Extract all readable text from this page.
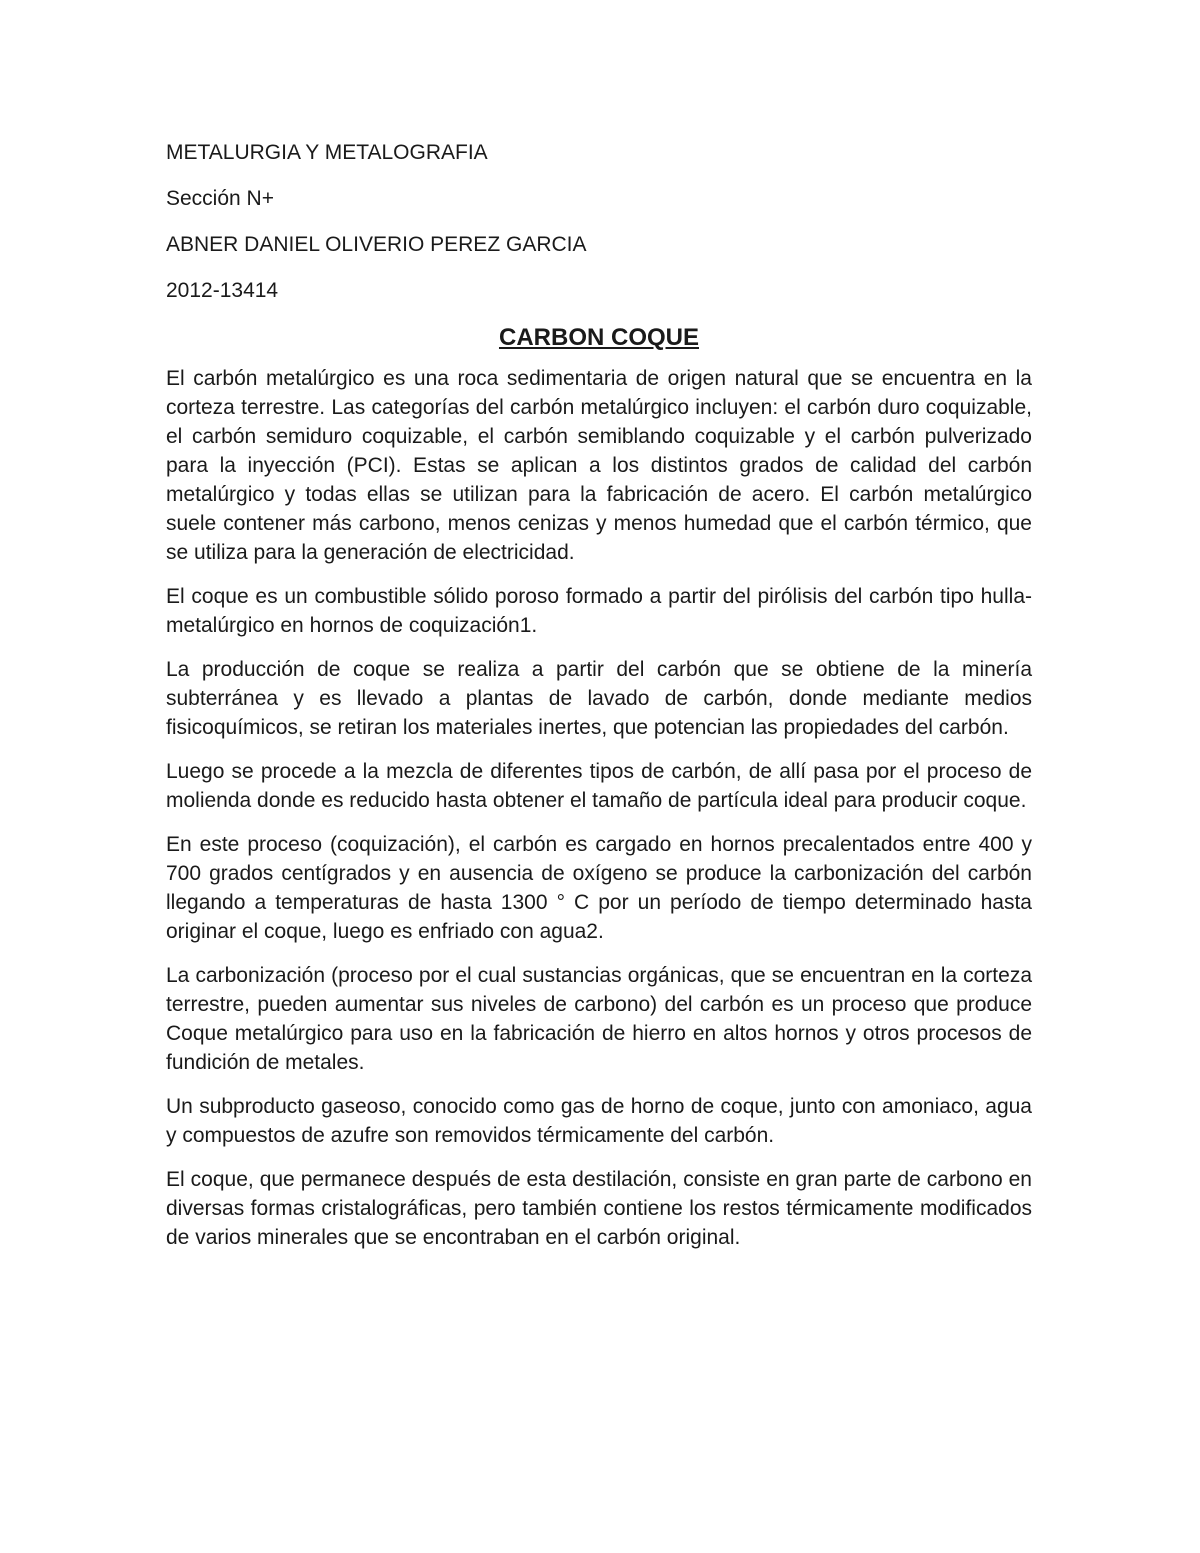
METALURGIA Y METALOGRAFIA

Sección N+

ABNER DANIEL OLIVERIO PEREZ GARCIA

2012-13414

CARBON COQUE

El carbón metalúrgico es una roca sedimentaria de origen natural que se encuentra en la corteza terrestre. Las categorías del carbón metalúrgico incluyen: el carbón duro coquizable, el carbón semiduro coquizable, el carbón semiblando coquizable y el carbón pulverizado para la inyección (PCI). Estas se aplican a los distintos grados de calidad del carbón metalúrgico y todas ellas se utilizan para la fabricación de acero. El carbón metalúrgico suele contener más carbono, menos cenizas y menos humedad que el carbón térmico, que se utiliza para la generación de electricidad.

El coque es un combustible sólido poroso formado a partir del pirólisis del carbón tipo hulla-metalúrgico en hornos de coquización1.

La producción de coque se realiza a partir del carbón que se obtiene de la minería subterránea y es llevado a plantas de lavado de carbón, donde mediante medios fisicoquímicos, se retiran los materiales inertes, que potencian las propiedades del carbón.

Luego se procede a la mezcla de diferentes tipos de carbón, de allí pasa por el proceso de molienda donde es reducido hasta obtener el tamaño de partícula ideal para producir coque.

En este proceso (coquización), el carbón es cargado en hornos precalentados entre 400 y 700 grados centígrados y en ausencia de oxígeno se produce la carbonización del carbón llegando a temperaturas de hasta 1300 ° C por un período de tiempo determinado hasta originar el coque, luego es enfriado con agua2.

La carbonización (proceso por el cual sustancias orgánicas, que se encuentran en la corteza terrestre, pueden aumentar sus niveles de carbono) del carbón es un proceso que produce Coque metalúrgico para uso en la fabricación de hierro en altos hornos y otros procesos de fundición de metales.

Un subproducto gaseoso, conocido como gas de horno de coque, junto con amoniaco, agua y compuestos de azufre son removidos térmicamente del carbón.

El coque, que permanece después de esta destilación, consiste en gran parte de carbono en diversas formas cristalográficas, pero también contiene los restos térmicamente modificados de varios minerales que se encontraban en el carbón original.
